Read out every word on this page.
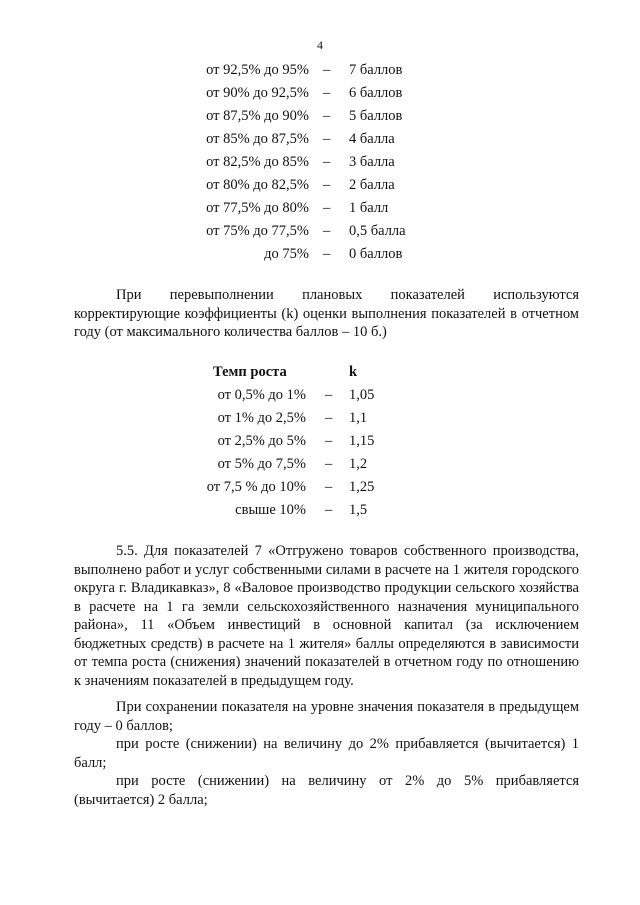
4
от 92,5% до 95% – 7 баллов
от 90% до 92,5% – 6 баллов
от 87,5% до 90% – 5 баллов
от 85% до 87,5% – 4 балла
от 82,5% до 85% – 3 балла
от 80% до 82,5% – 2 балла
от 77,5% до 80% – 1 балл
от 75% до 77,5% – 0,5 балла
до 75% – 0 баллов

При перевыполнении плановых показателей используются корректирующие коэффициенты (k) оценки выполнения показателей в отчетном году (от максимального количества баллов – 10 б.)

Темп роста	k
от 0,5% до 1% – 1,05
от 1% до 2,5% – 1,1
от 2,5% до 5% – 1,15
от 5% до 7,5% – 1,2
от 7,5 % до 10% – 1,25
свыше 10% – 1,5

5.5. Для показателей 7 «Отгружено товаров собственного производства, выполнено работ и услуг собственными силами в расчете на 1 жителя городского округа г. Владикавказ», 8 «Валовое производство продукции сельского хозяйства в расчете на 1 га земли сельскохозяйственного назначения муниципального района», 11 «Объем инвестиций в основной капитал (за исключением бюджетных средств) в расчете на 1 жителя» баллы определяются в зависимости от темпа роста (снижения) значений показателей в отчетном году по отношению к значениям показателей в предыдущем году.

При сохранении показателя на уровне значения показателя в предыдущем году – 0 баллов;

при росте (снижении) на величину до 2% прибавляется (вычитается) 1 балл;

при росте (снижении) на величину от 2% до 5% прибавляется (вычитается) 2 балла;
